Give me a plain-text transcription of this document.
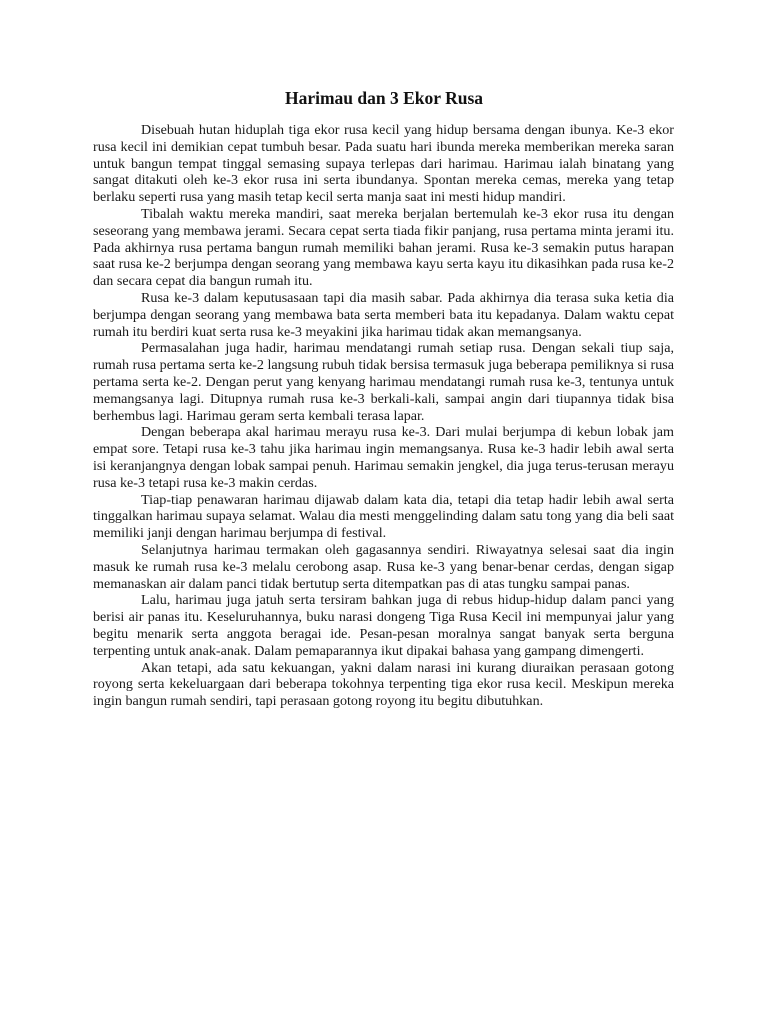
Harimau dan 3 Ekor Rusa

Disebuah hutan hiduplah tiga ekor rusa kecil yang hidup bersama dengan ibunya. Ke-3 ekor rusa kecil ini demikian cepat tumbuh besar. Pada suatu hari ibunda mereka memberikan mereka saran untuk bangun tempat tinggal semasing supaya terlepas dari harimau. Harimau ialah binatang yang sangat ditakuti oleh ke-3 ekor rusa ini serta ibundanya. Spontan mereka cemas, mereka yang tetap berlaku seperti rusa yang masih tetap kecil serta manja saat ini mesti hidup mandiri.

Tibalah waktu mereka mandiri, saat mereka berjalan bertemulah ke-3 ekor rusa itu dengan seseorang yang membawa jerami. Secara cepat serta tiada fikir panjang, rusa pertama minta jerami itu. Pada akhirnya rusa pertama bangun rumah memiliki bahan jerami. Rusa ke-3 semakin putus harapan saat rusa ke-2 berjumpa dengan seorang yang membawa kayu serta kayu itu dikasihkan pada rusa ke-2 dan secara cepat dia bangun rumah itu.

Rusa ke-3 dalam keputusasaan tapi dia masih sabar. Pada akhirnya dia terasa suka ketia dia berjumpa dengan seorang yang membawa bata serta memberi bata itu kepadanya. Dalam waktu cepat rumah itu berdiri kuat serta rusa ke-3 meyakini jika harimau tidak akan memangsanya.

Permasalahan juga hadir, harimau mendatangi rumah setiap rusa. Dengan sekali tiup saja, rumah rusa pertama serta ke-2 langsung rubuh tidak bersisa termasuk juga beberapa pemiliknya si rusa pertama serta ke-2. Dengan perut yang kenyang harimau mendatangi rumah rusa ke-3, tentunya untuk memangsanya lagi. Ditupnya rumah rusa ke-3 berkali-kali, sampai angin dari tiupannya tidak bisa berhembus lagi. Harimau geram serta kembali terasa lapar.

Dengan beberapa akal harimau merayu rusa ke-3. Dari mulai berjumpa di kebun lobak jam empat sore. Tetapi rusa ke-3 tahu jika harimau ingin memangsanya. Rusa ke-3 hadir lebih awal serta isi keranjangnya dengan lobak sampai penuh. Harimau semakin jengkel, dia juga terus-terusan merayu rusa ke-3 tetapi rusa ke-3 makin cerdas.

Tiap-tiap penawaran harimau dijawab dalam kata dia, tetapi dia tetap hadir lebih awal serta tinggalkan harimau supaya selamat. Walau dia mesti menggelinding dalam satu tong yang dia beli saat memiliki janji dengan harimau berjumpa di festival.

Selanjutnya harimau termakan oleh gagasannya sendiri. Riwayatnya selesai saat dia ingin masuk ke rumah rusa ke-3 melalu cerobong asap. Rusa ke-3 yang benar-benar cerdas, dengan sigap memanaskan air dalam panci tidak bertutup serta ditempatkan pas di atas tungku sampai panas.

Lalu, harimau juga jatuh serta tersiram bahkan juga di rebus hidup-hidup dalam panci yang berisi air panas itu. Keseluruhannya, buku narasi dongeng Tiga Rusa Kecil ini mempunyai jalur yang begitu menarik serta anggota beragai ide. Pesan-pesan moralnya sangat banyak serta berguna terpenting untuk anak-anak. Dalam pemaparannya ikut dipakai bahasa yang gampang dimengerti.

Akan tetapi, ada satu kekuangan, yakni dalam narasi ini kurang diuraikan perasaan gotong royong serta kekeluargaan dari beberapa tokohnya terpenting tiga ekor rusa kecil. Meskipun mereka ingin bangun rumah sendiri, tapi perasaan gotong royong itu begitu dibutuhkan.
